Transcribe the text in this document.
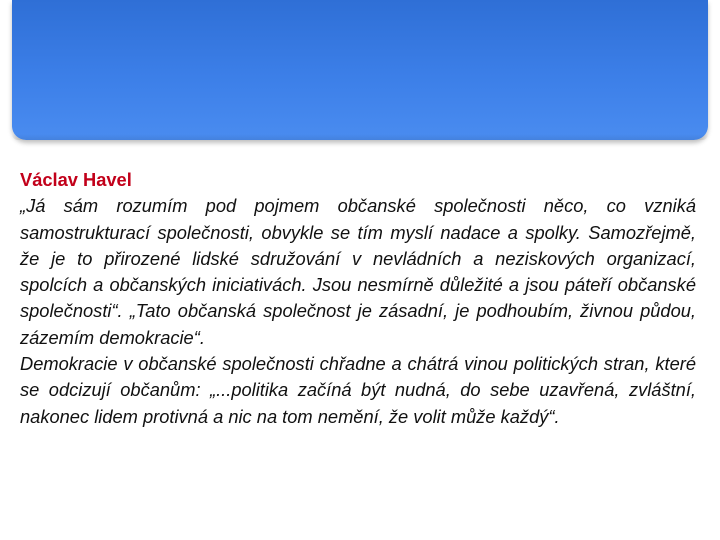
Václav Havel

„Já sám rozumím pod pojmem občanské společnosti něco, co vzniká samostrukturací společnosti, obvykle se tím myslí nadace a spolky. Samozřejmě, že je to přirozené lidské sdružování v nevládních a neziskových organizací, spolcích a občanských iniciativách. Jsou nesmírně důležité a jsou páteří občanské společnosti“. „Tato občanská společnost je zásadní, je podhoubím, živnou půdou, zázemím demokracie“.

Demokracie v občanské společnosti chřadne a chátrá vinou politických stran, které se odcizují občanům: „...politika začíná být nudná, do sebe uzavřená, zvláštní, nakonec lidem protivná a nic na tom nemění, že volit může každý“.
